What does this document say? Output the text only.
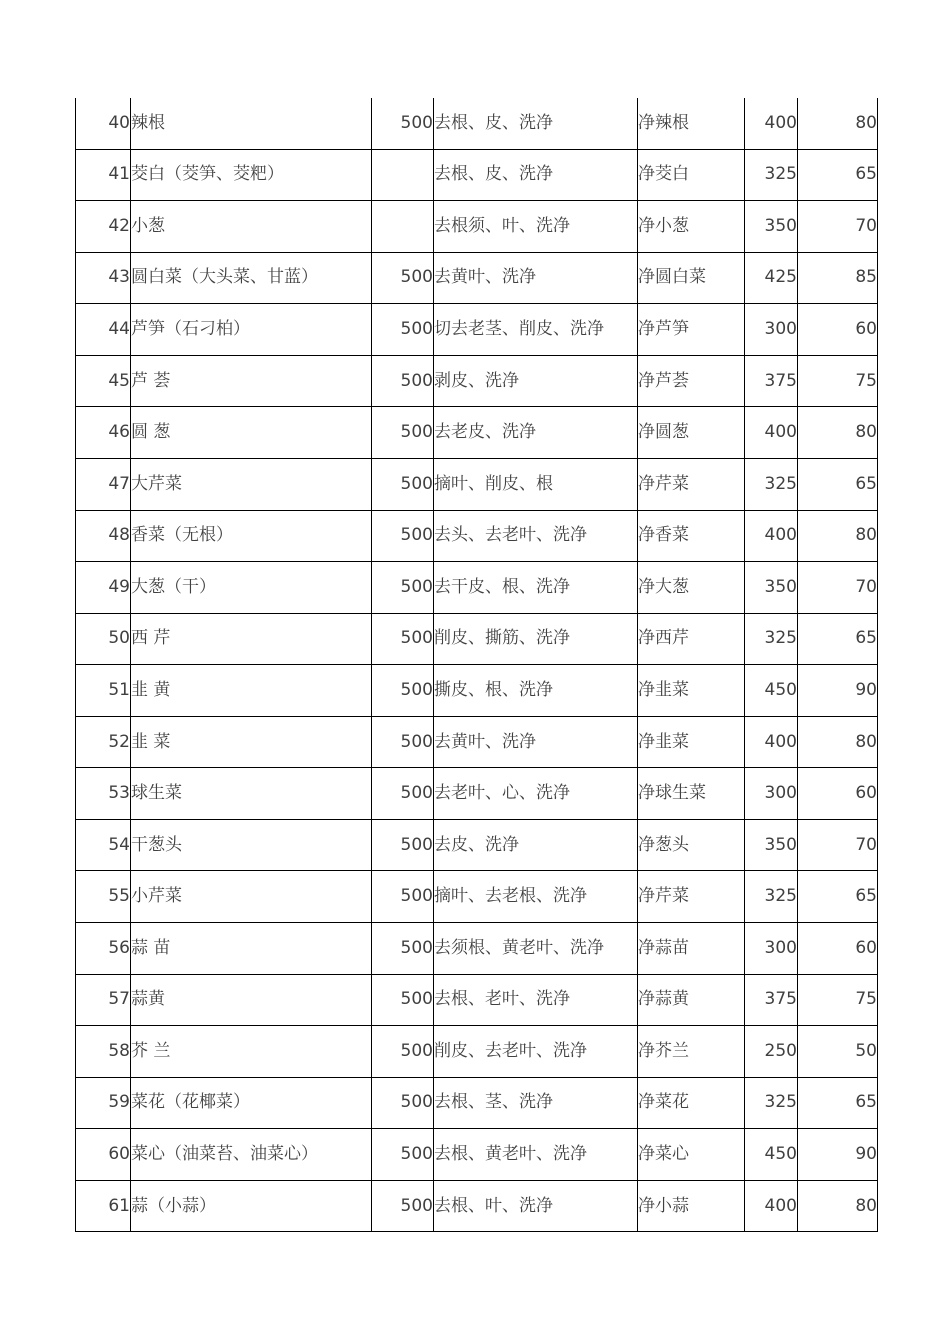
40	辣根	500	去根、皮、洗净	净辣根	400	80
41	茭白（茭笋、茭粑）		去根、皮、洗净	净茭白	325	65
42	小葱		去根须、叶、洗净	净小葱	350	70
43	圆白菜（大头菜、甘蓝）	500	去黄叶、洗净	净圆白菜	425	85
44	芦笋（石刁柏）	500	切去老茎、削皮、洗净	净芦笋	300	60
45	芦 荟	500	剥皮、洗净	净芦荟	375	75
46	圆 葱	500	去老皮、洗净	净圆葱	400	80
47	大芹菜	500	摘叶、削皮、根	净芹菜	325	65
48	香菜（无根）	500	去头、去老叶、洗净	净香菜	400	80
49	大葱（干）	500	去干皮、根、洗净	净大葱	350	70
50	西 芹	500	削皮、撕筋、洗净	净西芹	325	65
51	韭 黄	500	撕皮、根、洗净	净韭菜	450	90
52	韭 菜	500	去黄叶、洗净	净韭菜	400	80
53	球生菜	500	去老叶、心、洗净	净球生菜	300	60
54	干葱头	500	去皮、洗净	净葱头	350	70
55	小芹菜	500	摘叶、去老根、洗净	净芹菜	325	65
56	蒜 苗	500	去须根、黄老叶、洗净	净蒜苗	300	60
57	蒜黄	500	去根、老叶、洗净	净蒜黄	375	75
58	芥 兰	500	削皮、去老叶、洗净	净芥兰	250	50
59	菜花（花椰菜）	500	去根、茎、洗净	净菜花	325	65
60	菜心（油菜苔、油菜心）	500	去根、黄老叶、洗净	净菜心	450	90
61	蒜（小蒜）	500	去根、叶、洗净	净小蒜	400	80
